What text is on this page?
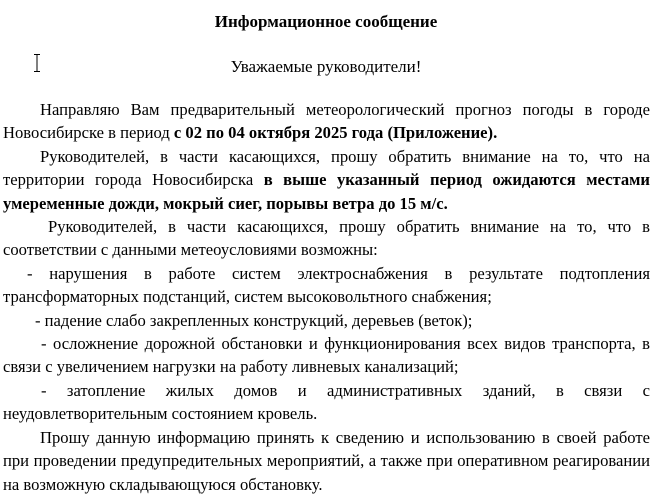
Информационное сообщение
Уважаемые руководители!

Направляю Вам предварительный метеорологический прогноз погоды в городе Новосибирске в период с 02 по 04 октября 2025 года (Приложение).

Руководителей, в части касающихся, прошу обратить внимание на то, что на территории города Новосибирска в выше указанный период ожидаются местами умеременные дожди, мокрый сиег, порывы ветра до 15 м/с.

Руководителей, в части касающихся, прошу обратить внимание на то, что в соответствии с данными метеоусловиями возможны:

- нарушения в работе систем электроснабжения в результате подтопления трансформаторных подстанций, систем высоковольтного снабжения;

- падение слабо закрепленных конструкций, деревьев (веток);

- осложнение дорожной обстановки и функционирования всех видов транспорта, в связи с увеличением нагрузки на работу ливневых канализаций;

- затопление жилых домов и административных зданий, в связи с неудовлетворительным состоянием кровель.

Прошу данную информацию принять к сведению и использованию в своей работе при проведении предупредительных мероприятий, а также при оперативном реагировании на возможную складывающуюся обстановку.
